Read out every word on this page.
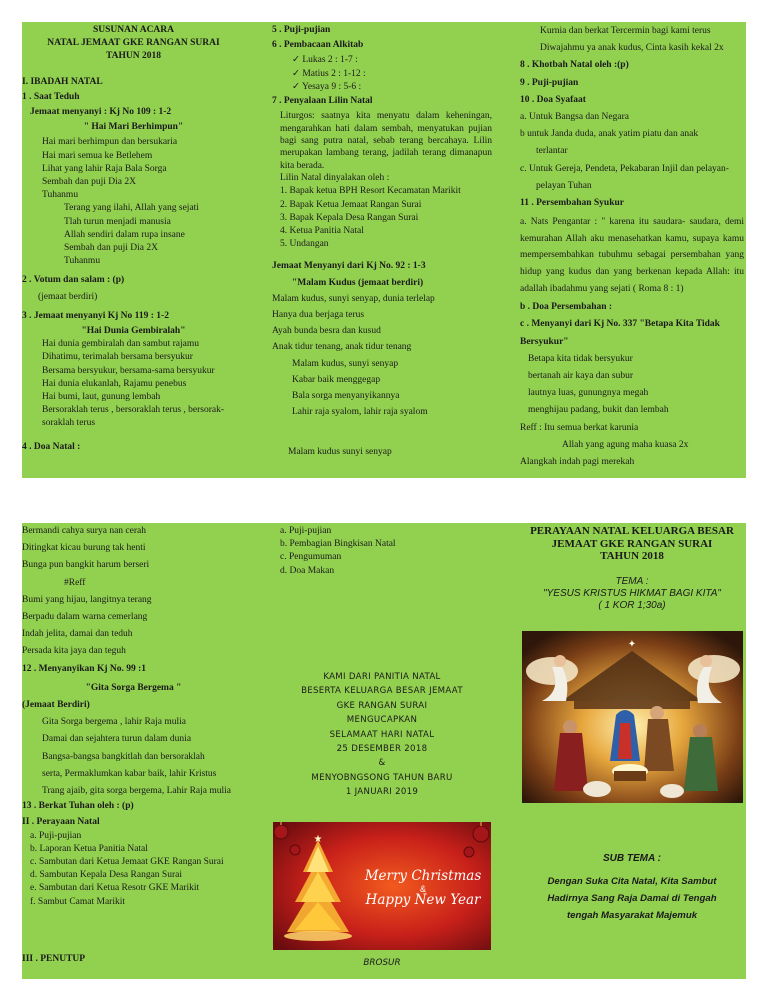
SUSUNAN ACARA
NATAL JEMAAT GKE RANGAN SURAI
TAHUN 2018
I. IBADAH NATAL
1 . Saat Teduh
Jemaat menyanyi : Kj No 109 : 1-2
" Hai Mari Berhimpun"
Hai mari berhimpun dan bersukaria
Hai mari semua ke Betlehem
Lihat yang lahir Raja Bala Sorga
Sembah dan puji Dia 2X
Tuhanmu
Terang yang ilahi, Allah yang sejati
Tlah turun menjadi manusia
Allah sendiri dalam rupa insane
Sembah dan puji Dia 2X
Tuhanmu
2 . Votum dan salam : (p)
(jemaat berdiri)
3 . Jemaat menyanyi Kj No 119 : 1-2
"Hai Dunia Gembiralah"
Hai dunia gembiralah dan sambut rajamu
Dihatimu, terimalah bersama bersyukur
Bersama bersyukur, bersama-sama bersyukur
Hai dunia elukanlah, Rajamu penebus
Hai bumi, laut, gunung lembah
Bersoraklah terus , bersoraklah terus , bersorak-
soraklah terus
4 . Doa Natal :
5 . Puji-pujian
6 . Pembacaan Alkitab
✓ Lukas 2 : 1-7 :
✓ Matius 2 : 1-12 :
✓ Yesaya 9 : 5-6 :
7 . Penyalaan Lilin Natal
Liturgos: saatnya kita menyatu dalam keheningan, mengarahkan hati dalam sembah, menyatukan pujian bagi sang putra natal, sebab terang bercahaya. Lilin merupakan lambang terang, jadilah terang dimanapun kita berada.
Lilin Natal dinyalakan oleh :
1. Bapak ketua BPH Resort Kecamatan Marikit
2. Bapak Ketua Jemaat Rangan Surai
3. Bapak Kepala Desa Rangan Surai
4. Ketua Panitia Natal
5. Undangan
Jemaat Menyanyi dari Kj No. 92 : 1-3
"Malam Kudus (jemaat berdiri)
Malam kudus, sunyi senyap, dunia terlelap
Hanya dua berjaga terus
Ayah bunda besra dan kusud
Anak tidur tenang, anak tidur tenang
Malam kudus, sunyi senyap
Kabar baik menggegap
Bala sorga menyanyikannya
Lahir raja syalom, lahir raja syalom
Malam kudus sunyi senyap
Kurnia dan berkat Tercermin bagi kami terus
Diwajahmu ya anak kudus, Cinta kasih kekal 2x
8 . Khotbah Natal oleh :(p)
9 . Puji-pujian
10 . Doa Syafaat
a. Untuk Bangsa dan Negara
b untuk Janda duda, anak yatim piatu dan anak
terlantar
c. Untuk Gereja, Pendeta, Pekabaran Injil dan pelayan-
pelayan Tuhan
11 . Persembahan Syukur
a. Nats Pengantar : " karena itu saudara- saudara, demi kemurahan Allah aku menasehatkan kamu, supaya kamu mempersembahkan tubuhmu sebagai persembahan yang hidup yang kudus dan yang berkenan kepada Allah: itu adallah ibadahmu yang sejati ( Roma 8 : 1)
b . Doa Persembahan :
c . Menyanyi dari Kj No. 337 "Betapa Kita Tidak
Bersyukur"
Betapa kita tidak bersyukur
bertanah air kaya dan subur
lautnya luas, gunungnya megah
menghijau padang, bukit dan lembah
Reff : Itu semua berkat karunia
Allah yang agung maha kuasa 2x
Alangkah indah pagi merekah
Bermandi cahya surya nan cerah
Ditingkat kicau burung tak henti
Bunga pun bangkit harum berseri
#Reff
Bumi yang hijau, langitnya terang
Berpadu dalam warna cemerlang
Indah jelita, damai dan teduh
Persada kita jaya dan teguh
12 . Menyanyikan Kj No. 99 :1
"Gita Sorga Bergema "
(Jemaat Berdiri)
Gita Sorga bergema , lahir Raja mulia
Damai dan sejahtera turun dalam dunia
Bangsa-bangsa bangkitlah dan bersoraklah
serta, Permaklumkan kabar baik, lahir Kristus
Trang ajaib, gita sorga bergema, Lahir Raja mulia
13 . Berkat Tuhan oleh : (p)
II . Perayaan Natal
a. Puji-pujian
b. Laporan Ketua Panitia Natal
c. Sambutan dari Ketua Jemaat GKE Rangan Surai
d. Sambutan Kepala Desa Rangan Surai
e. Sambutan dari Ketua Resotr GKE Marikit
f. Sambut Camat Marikit
III . PENUTUP
a. Puji-pujian
b. Pembagian Bingkisan Natal
c. Pengumuman
d. Doa Makan
KAMI DARI PANITIA NATAL
BESERTA KELUARGA BESAR JEMAAT
GKE RANGAN SURAI
MENGUCAPKAN
SELAMAAT HARI NATAL
25 DESEMBER 2018
&
MENYOBNGSONG TAHUN BARU
1 JANUARI 2019
★
Merry Christmas
&
Happy New Year
BROSUR
PERAYAAN NATAL KELUARGA BESAR
JEMAAT GKE RANGAN SURAI
TAHUN 2018
TEMA :
"YESUS KRISTUS HIKMAT BAGI KITA"
( 1 KOR 1;30a)
✦
SUB TEMA :
Dengan Suka Cita Natal, Kita Sambut
Hadirnya Sang Raja Damai di Tengah
tengah Masyarakat Majemuk
